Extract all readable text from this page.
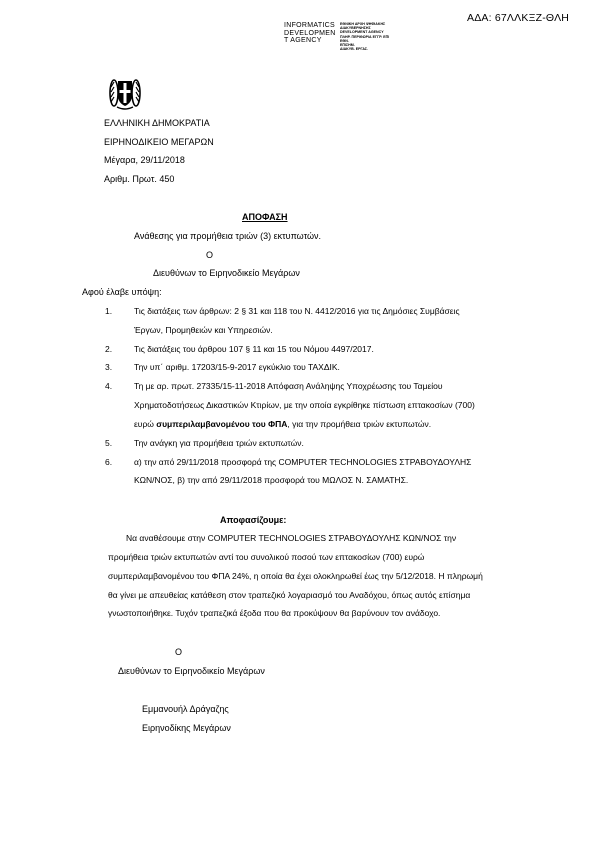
ΑΔΑ: 67ΛΛΚΞΖ-ΘΛΗ
INFORMATICS
DEVELOPMEN
T AGENCY
ΕΘΝΙΚΗ ΑΡΧΗ ΨΗΦΙΑΚΗΣ
ΔΙΑΚΥΒΕΡΝΗΣΗΣ
DEVELOPMENT AGENCY
ΠΛΗΡ. ΠΕΡΙΘΩΡΙΑ ΕΓΓΡ. ΕΠΙ
ΕΘΝ.
ΕΠΙΣΗΜ.
ΔΙΑΚΥΒ. ΕΡΓΑΣ.
ΕΛΛΗΝΙΚΗ ΔΗΜΟΚΡΑΤΙΑ
ΕΙΡΗΝΟΔΙΚΕΙΟ ΜΕΓΑΡΩΝ
Μέγαρα, 29/11/2018
Αριθμ. Πρωτ. 450
ΑΠΟΦΑΣΗ
Ανάθεσης για προμήθεια τριών (3) εκτυπωτών.
Ο
Διευθύνων το Ειρηνοδικείο Μεγάρων
Αφού έλαβε υπόψη:
1.	Τις διατάξεις των άρθρων: 2 § 31 και 118 του Ν. 4412/2016 για τις Δημόσιες Συμβάσεις
Έργων, Προμηθειών και Υπηρεσιών.
2.	Τις διατάξεις του άρθρου 107 § 11 και 15 του Νόμου 4497/2017.
3.	Την υπ΄ αριθμ. 17203/15-9-2017 εγκύκλιο του ΤΑΧΔΙΚ.
4.	Τη με αρ. πρωτ. 27335/15-11-2018 Απόφαση Ανάληψης Υποχρέωσης του Ταμείου
Χρηματοδοτήσεως Δικαστικών Κτιρίων, με την οποία εγκρίθηκε πίστωση επτακοσίων (700)
ευρώ συμπεριλαμβανομένου του ΦΠΑ, για την προμήθεια τριών εκτυπωτών.
5.	Την ανάγκη για προμήθεια τριών εκτυπωτών.
6.	α) την από 29/11/2018 προσφορά της COMPUTER TECHNOLOGIES ΣΤΡΑΒΟΥΔΟΥΛΗΣ
ΚΩΝ/ΝΟΣ, β) την από 29/11/2018 προσφορά του ΜΩΛΟΣ Ν. ΣΑΜΑΤΗΣ.
Αποφασίζουμε:
Να αναθέσουμε στην COMPUTER TECHNOLOGIES ΣΤΡΑΒΟΥΔΟΥΛΗΣ ΚΩΝ/ΝΟΣ την
προμήθεια τριών εκτυπωτών αντί του συνολικού ποσού των επτακοσίων (700) ευρώ
συμπεριλαμβανομένου του ΦΠΑ 24%, η οποία θα έχει ολοκληρωθεί έως την 5/12/2018. Η πληρωμή
θα γίνει με απευθείας κατάθεση στον τραπεζικό λογαριασμό του Αναδόχου, όπως αυτός επίσημα
γνωστοποιήθηκε. Τυχόν τραπεζικά έξοδα που θα προκύψουν θα βαρύνουν τον ανάδοχο.
Ο
Διευθύνων το Ειρηνοδικείο Μεγάρων
Εμμανουήλ Δράγαζης
Ειρηνοδίκης Μεγάρων
